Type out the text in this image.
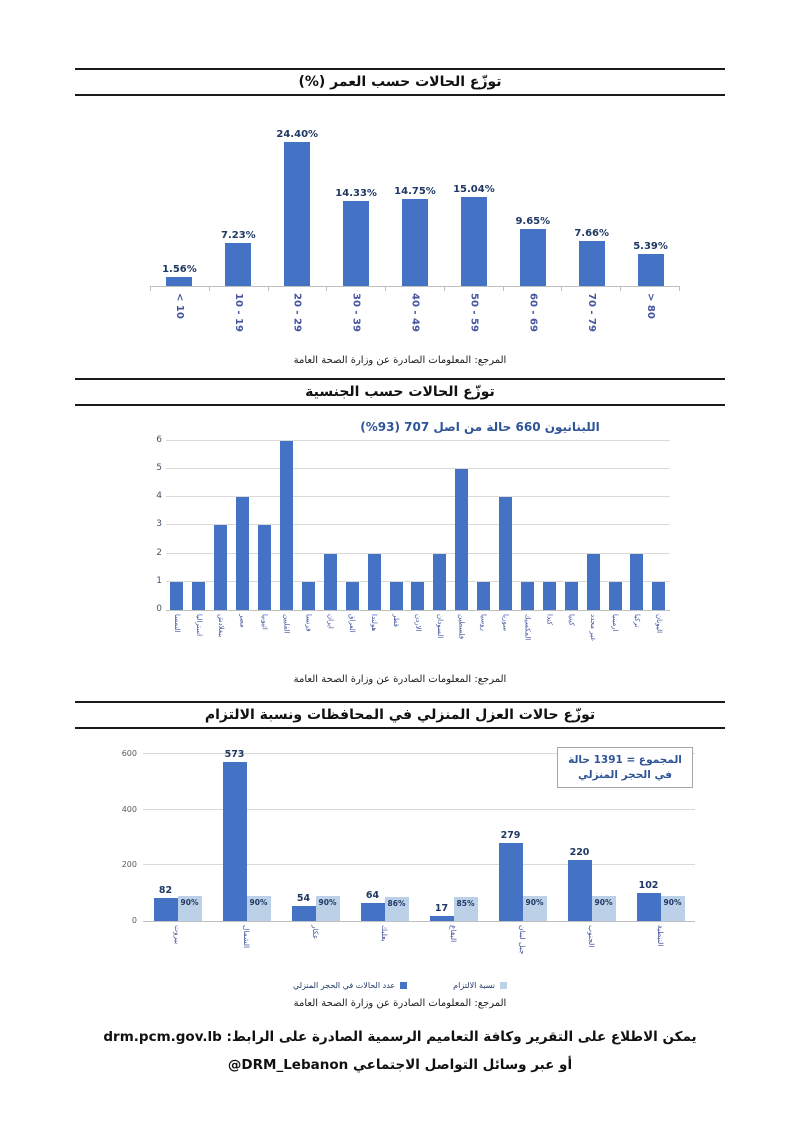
توزّع الحالات حسب العمر (%)
1.56%
7.23%
24.40%
14.33% 14.75% 15.04%
9.65%
7.66%
5.39%
< 10	10 - 19	20 - 29	30 - 39	40 - 49	50 - 59	60 - 69	70 - 79	> 80
المرجع: المعلومات الصادرة عن وزارة الصحة العامة
توزّع الحالات حسب الجنسية
اللبنانيون 660 حالة من اصل 707 (93%)
0
1
2
3
4
5
6
النمسا استراليا بنغلادش مصر اثيوبيا الفلبين فرنسا ايران العراق هولندا قطر الاردن السودان فلسطين روسيا سوريا المكسيك كندا كينيا غير محدد ارمينيا تركيا اليونان
المرجع: المعلومات الصادرة عن وزارة الصحة العامة
توزّع حالات العزل المنزلي في المحافظات ونسبة الالتزام
0
200
400
600
82
90%
573
90%	54 90%
64
86%	17 85%
279
90%
220
90%
102
90%
المجموع = 1391 حالة في الحجر المنزلي
بيروت	الشمال	عكار	بعلبك	البقاع	جبل لبنان	الجنوب	النبطية
نسبة الالتزام
عدد الحالات في الحجر المنزلي
المرجع: المعلومات الصادرة عن وزارة الصحة العامة
يمكن الاطلاع على التقرير وكافة التعاميم الرسمية الصادرة على الرابط: drm.pcm.gov.lb
أو عبر وسائل التواصل الاجتماعي @DRM_Lebanon
